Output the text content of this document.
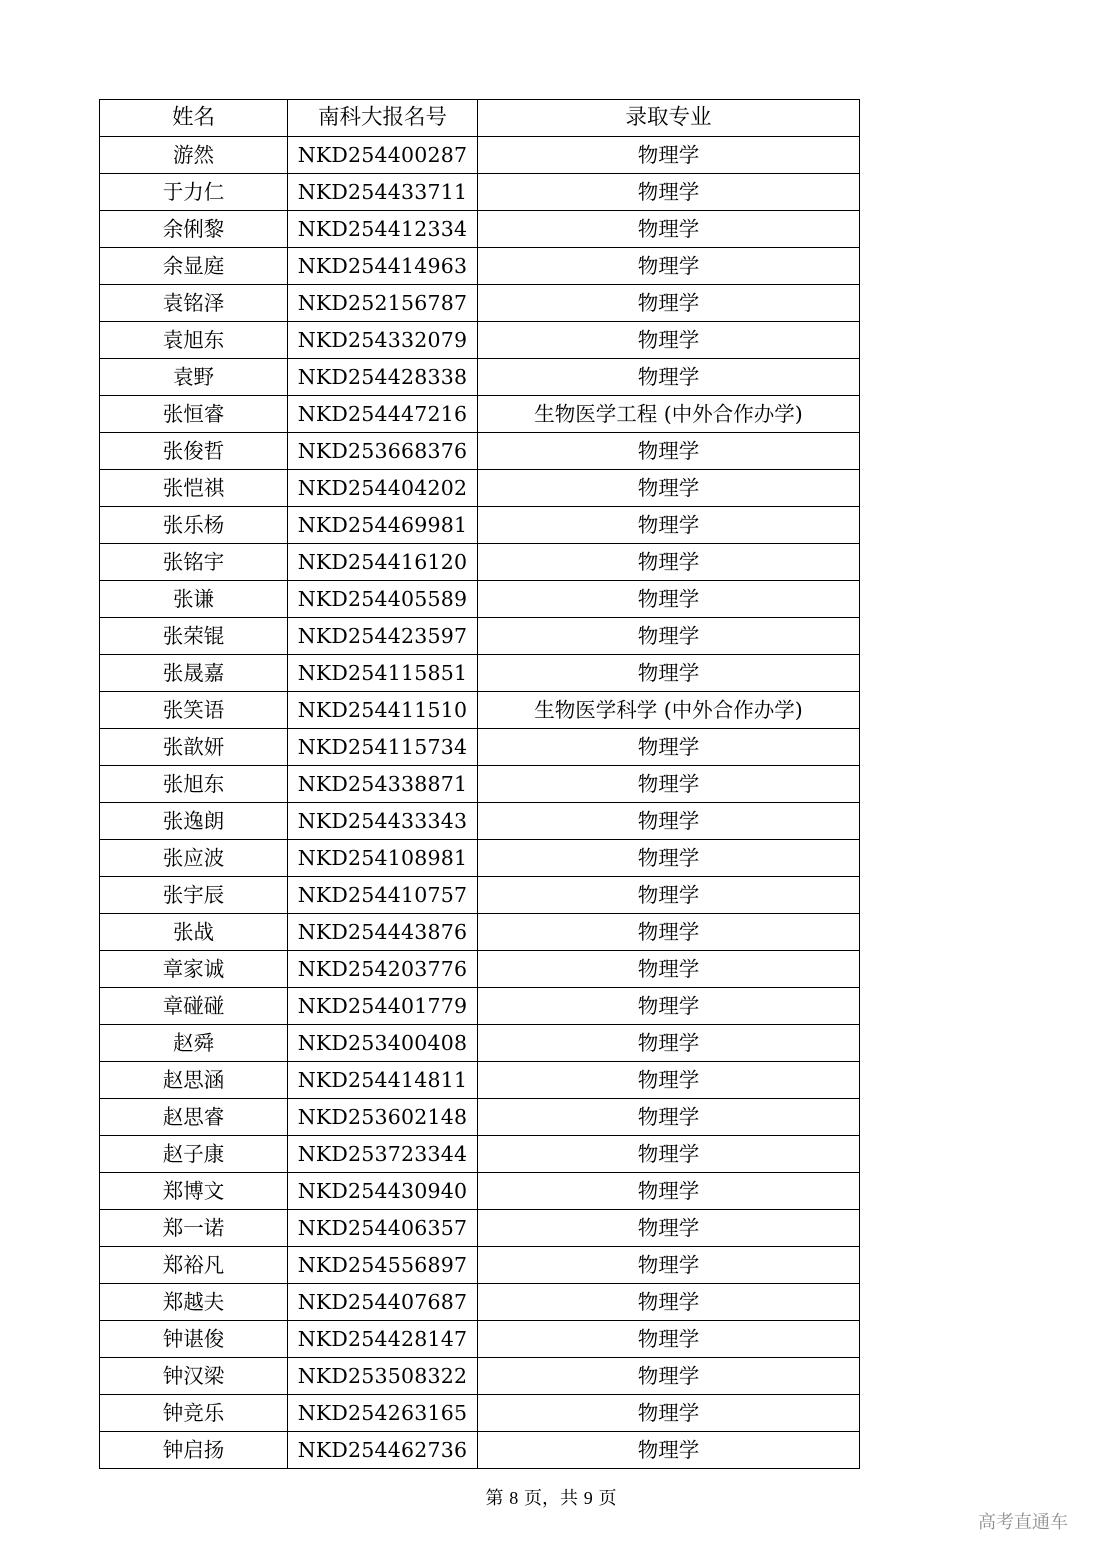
姓名	南科大报名号	录取专业
游然	NKD254400287	物理学
于力仁	NKD254433711	物理学
余俐黎	NKD254412334	物理学
余显庭	NKD254414963	物理学
袁铭泽	NKD252156787	物理学
袁旭东	NKD254332079	物理学
袁野	NKD254428338	物理学
张恒睿	NKD254447216	生物医学工程 (中外合作办学)
张俊哲	NKD253668376	物理学
张恺祺	NKD254404202	物理学
张乐杨	NKD254469981	物理学
张铭宇	NKD254416120	物理学
张谦	NKD254405589	物理学
张荣锟	NKD254423597	物理学
张晟嘉	NKD254115851	物理学
张笑语	NKD254411510	生物医学科学 (中外合作办学)
张歆妍	NKD254115734	物理学
张旭东	NKD254338871	物理学
张逸朗	NKD254433343	物理学
张应波	NKD254108981	物理学
张宇辰	NKD254410757	物理学
张战	NKD254443876	物理学
章家诚	NKD254203776	物理学
章碰碰	NKD254401779	物理学
赵舜	NKD253400408	物理学
赵思涵	NKD254414811	物理学
赵思睿	NKD253602148	物理学
赵子康	NKD253723344	物理学
郑博文	NKD254430940	物理学
郑一诺	NKD254406357	物理学
郑裕凡	NKD254556897	物理学
郑越夫	NKD254407687	物理学
钟谌俊	NKD254428147	物理学
钟汉梁	NKD253508322	物理学
钟竞乐	NKD254263165	物理学
钟启扬	NKD254462736	物理学
第 8 页，共 9 页
高考直通车
